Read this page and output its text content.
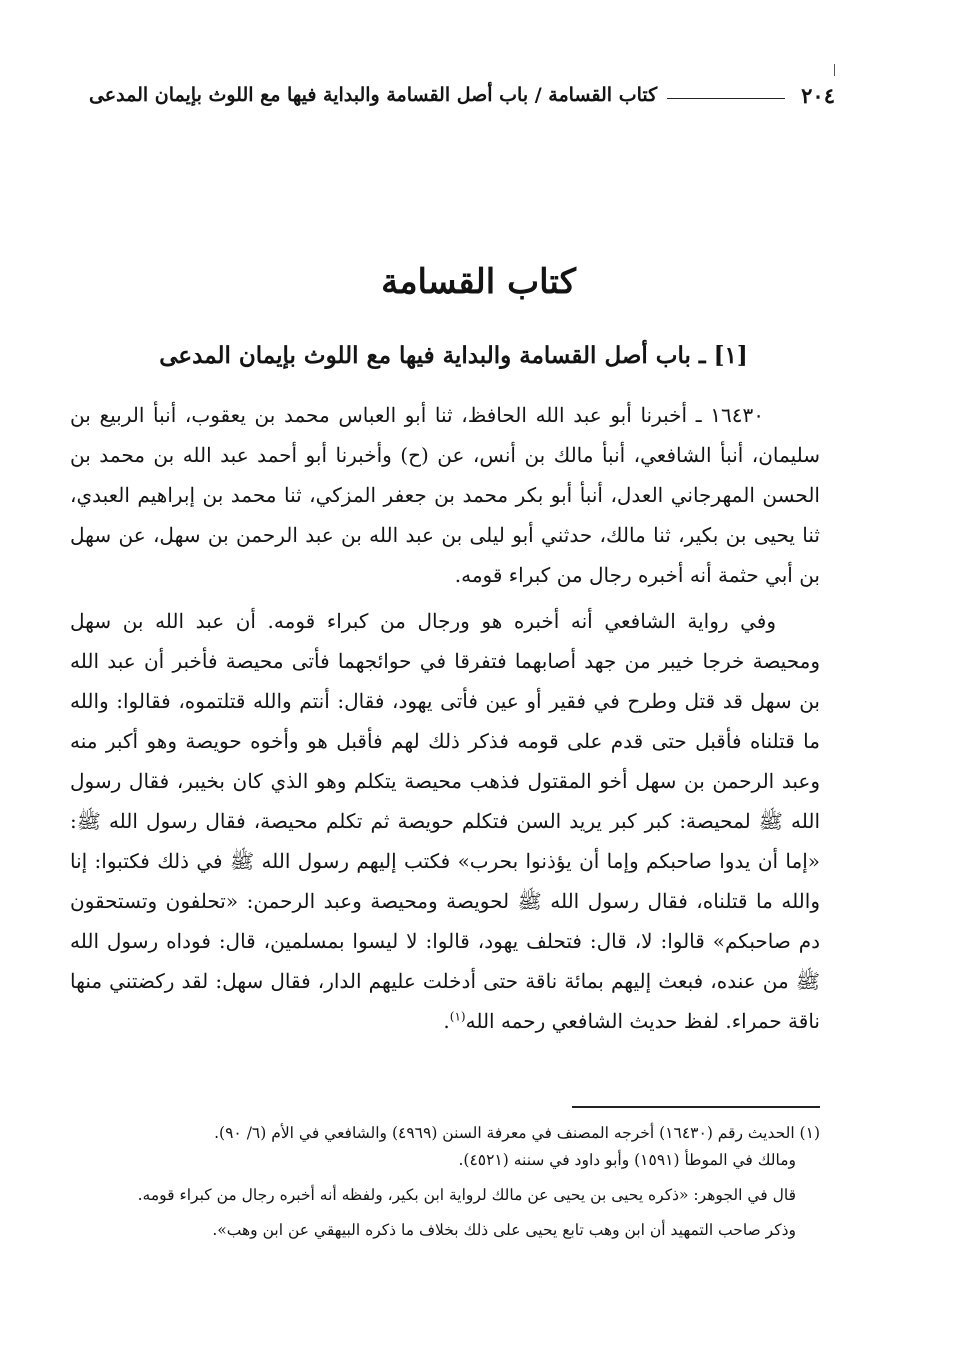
٢٠٤
كتاب القسامة / باب أصل القسامة والبداية فيها مع اللوث بإيمان المدعى
كتاب القسامة
[١] ـ باب أصل القسامة والبداية فيها مع اللوث بإيمان المدعى

١٦٤٣٠ ـ أخبرنا أبو عبد الله الحافظ، ثنا أبو العباس محمد بن يعقوب، أنبأ الربيع بن سليمان، أنبأ الشافعي، أنبأ مالك بن أنس، عن (ح) وأخبرنا أبو أحمد عبد الله بن محمد بن الحسن المهرجاني العدل، أنبأ أبو بكر محمد بن جعفر المزكي، ثنا محمد بن إبراهيم العبدي، ثنا يحيى بن بكير، ثنا مالك، حدثني أبو ليلى بن عبد الله بن عبد الرحمن بن سهل، عن سهل بن أبي حثمة أنه أخبره رجال من كبراء قومه.

وفي رواية الشافعي أنه أخبره هو ورجال من كبراء قومه. أن عبد الله بن سهل ومحيصة خرجا خيبر من جهد أصابهما فتفرقا في حوائجهما فأتى محيصة فأخبر أن عبد الله بن سهل قد قتل وطرح في فقير أو عين فأتى يهود، فقال: أنتم والله قتلتموه، فقالوا: والله ما قتلناه فأقبل حتى قدم على قومه فذكر ذلك لهم فأقبل هو وأخوه حويصة وهو أكبر منه وعبد الرحمن بن سهل أخو المقتول فذهب محيصة يتكلم وهو الذي كان بخيبر، فقال رسول الله ﷺ لمحيصة: كبر كبر يريد السن فتكلم حويصة ثم تكلم محيصة، فقال رسول الله ﷺ: «إما أن يدوا صاحبكم وإما أن يؤذنوا بحرب» فكتب إليهم رسول الله ﷺ في ذلك فكتبوا: إنا والله ما قتلناه، فقال رسول الله ﷺ لحويصة ومحيصة وعبد الرحمن: «تحلفون وتستحقون دم صاحبكم» قالوا: لا، قال: فتحلف يهود، قالوا: لا ليسوا بمسلمين، قال: فوداه رسول الله ﷺ من عنده، فبعث إليهم بمائة ناقة حتى أدخلت عليهم الدار، فقال سهل: لقد ركضتني منها ناقة حمراء. لفظ حديث الشافعي رحمه الله$^{(١)}$.

(١) الحديث رقم (١٦٤٣٠) أخرجه المصنف في معرفة السنن (٤٩٦٩) والشافعي في الأم (٦/ ٩٠).

ومالك في الموطأ (١٥٩١) وأبو داود في سننه (٤٥٢١).

قال في الجوهر: «ذكره يحيى بن يحيى عن مالك لرواية ابن بكير، ولفظه أنه أخبره رجال من كبراء قومه.

وذكر صاحب التمهيد أن ابن وهب تابع يحيى على ذلك بخلاف ما ذكره البيهقي عن ابن وهب».
